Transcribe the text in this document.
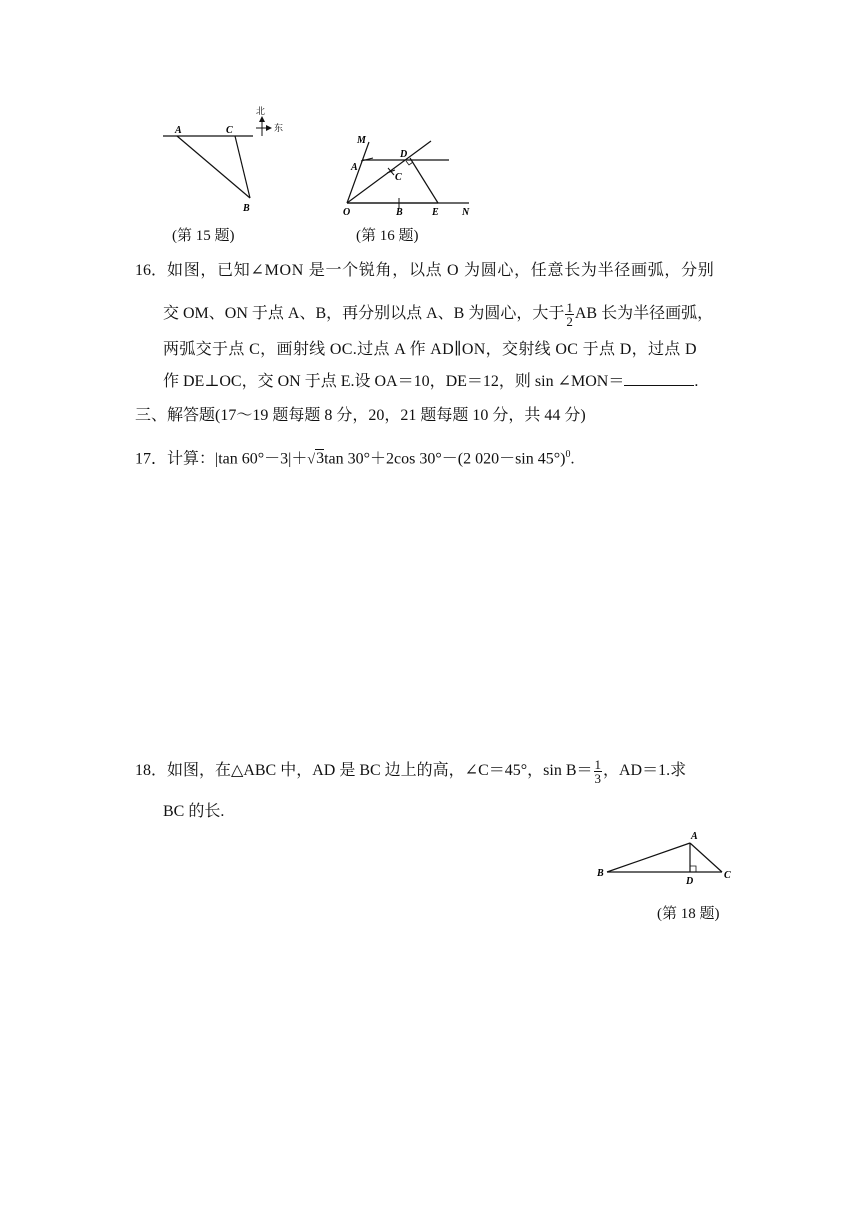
A	C
B
北
东
(第 15 题)
M
A
D
C
O	B	E N
(第 16 题)
16． 如图，已知∠MON 是一个锐角，以点 O 为圆心，任意长为半径画弧，分别
交 OM、ON 于点 A、B，再分别以点 A、B 为圆心，大于 $\frac{1}{2}$ AB 长为半径画弧，
两弧交于点 C，画射线 OC.过点 A 作 AD∥ON，交射线 OC 于点 D，过点 D
作 DE⊥OC，交 ON 于点 E.设 OA＝10，DE＝12，则 sin ∠MON＝	.
三、解答题(17～19 题每题 8 分，20，21 题每题 10 分，共 44 分)
17．计算：|tan 60°－3|＋√3tan 30°＋2cos 30°－(2 020－sin 45°)$^0$.
18．如图，在△ABC 中，AD 是 BC 边上的高，∠C＝45°，$\sin B= \frac{1}{3}$ ，AD＝1.求
BC 的长.
A
B
D
C
(第 18 题)
